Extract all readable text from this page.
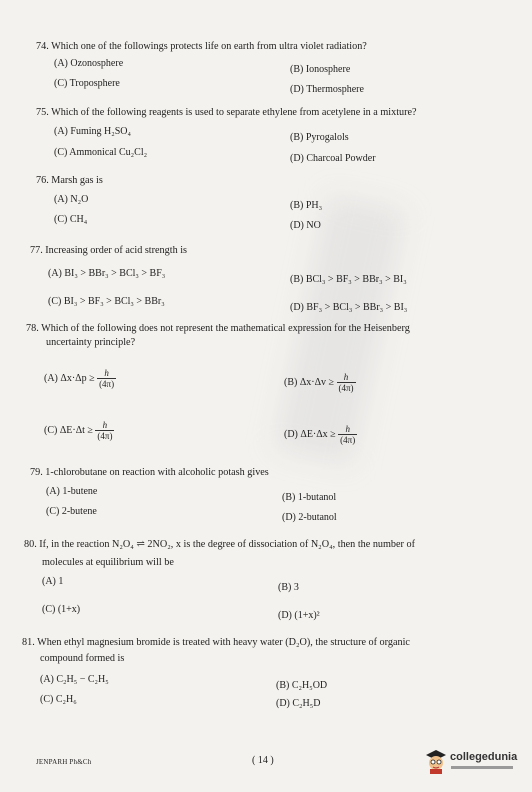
74. Which one of the followings protects life on earth from ultra violet radiation?
(A) Ozonosphere
(B) Ionosphere
(C) Troposphere
(D) Thermosphere
75. Which of the following reagents is used to separate ethylene from acetylene in a mixture?
(A) Fuming H₂SO₄
(B) Pyrogalols
(C) Ammonical Cu₂Cl₂
(D) Charcoal Powder
76. Marsh gas is
(A) N₂O
(B) PH₃
(C) CH₄
(D) NO
77. Increasing order of acid strength is
(A) BI₃ > BBr₃ > BCl₃ > BF₃
(B) BCl₃ > BF₃ > BBr₃ > BI₃
(C) BI₃ > BF₃ > BCl₃ > BBr₃
(D) BF₃ > BCl₃ > BBr₃ > BI₃
78. Which of the following does not represent the mathematical expression for the Heisenberg
uncertainty principle?
(A) $\Delta x\cdot\Delta p \ge \frac{h}{(4\pi)}$	(B) $\Delta x\cdot\Delta v \ge \frac{h}{(4\pi)}$
(C) $\Delta E\cdot\Delta t \ge \frac{h}{(4\pi)}$	(D) $\Delta E\cdot\Delta x \ge \frac{h}{(4\pi)}$
79. 1-chlorobutane on reaction with alcoholic potash gives
(A) 1-butene
(B) 1-butanol
(C) 2-butene
(D) 2-butanol
80. If, in the reaction N₂O₄ ⇌ 2NO₂, x is the degree of dissociation of N₂O₄, then the number of
molecules at equilibrium will be
(A) 1
(B) 3
(C) (1+x)
(D) (1+x)²
81. When ethyl magnesium bromide is treated with heavy water (D₂O), the structure of organic
compound formed is
(A) C₂H₅ − C₂H₅
(B) C₂H₅OD
(C) C₂H₆	(D) C₂H₅D
JENPARH Ph&Ch	( 14 )	collegedunia
